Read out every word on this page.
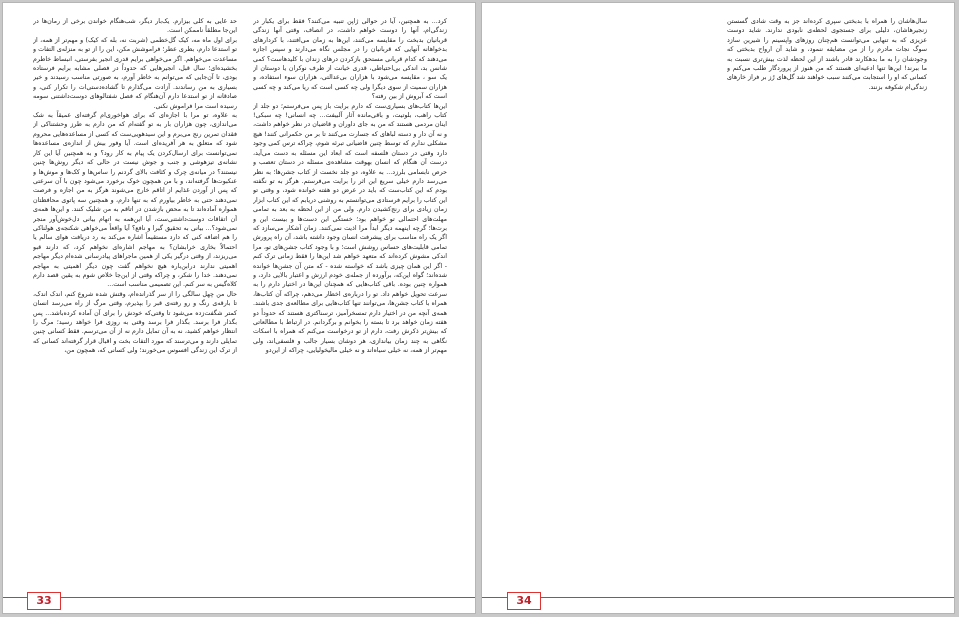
کرد... به همچنین، آیا در حوالی ژاپن تنبیه می‌کنند؟ فقط برای یکبار در زندگی‌ام، آنها را دوست خواهم داشت، در انصاف، وقتی آنها زندگی قربانیان بدبخت را مقایسه می‌کنند، این‌ها به زمان می‌افتند، با کردارهای بدخواهانه آنهایی که قربانیان را در مجلس نگاه می‌دارند و سپس اجازه می‌دهند که کدام قربانی مستحق بازکردن درهای زندان با کلیدهاست؟ کمی شانس بد، اندکی بی‌احتیاطی، قدری خیانت از طرف نوکران یا دوستان از یک سو ، مقایسه می‌شود با هزاران بی‌عدالتی، هزاران سوء استفاده، و هزاران سمیت از سوی دیگرا ولی چه کسی است که ریا می‌کند و چه کسی است که آبروش از بین رفته؟

این‌ها کتاب‌های بسیاری‌ست که دارم برایت باز پس می‌فرستم؛ دو جلد از کتاب راهب، بلوتیت، و باقی‌مانده آثار آلبیفت... چه انسانی! چه سبکی! اینان مردمی هستند که من به جای داوران و قاضیان در نظر خواهم داشت، و نه آن دار و دسته لباهای که جسارت می‌کنند تا بر من حکمرانی کنند! هیچ مشکلی ندارم که توسط چنین قاضیانی تبرئه شوم، چراکه ترس کمی وجود دارد وقتی در دستان فلسفه است که ابعاد این مسئله به دست می‌آید، درست آن هنگام که انسان بهوقت مشاهده‌ی مسئله در دستان تعصب و حرص نابسامی بلرزد... به علاوه، دو جلد نخست از کتاب جشن‌ها؛ به نظر می‌رسد دارم خیلی سریع این اثر را برایت می‌فرستم. هرگز به تو نگفته بودم که این کتاب‌ست که باید در عرض دو هفته خوانده شود، و وقتی تو این کتاب را برایم فرستادی می‌توانستم به روشنی دریابم که این کتاب ابزار زمان زیادی برای رنج‌کشیدن دارم. ولی من از این لحظه به بعد به تمامی مهلت‌های احتمالی تو خواهم بود؛ خستگی این دست‌ها و بیست این و برت‌ها؛ گرچه اینهمه دیگر ابداً مرا اذیت نمی‌کنند. زمان آشکار می‌سازد که اگر یک راه مناسب برای پیشرفت انسان وجود داشته باشد، آن راه پرورش تمامی قابلیت‌های حساس روشش است؛ و با وجود کتاب جشن‌های تو، مرا اندکی مشوش کرده‌اند که متعهد خواهم شد این‌ها را فقط زمانی ترک کنم - اگر این همان چیزی باشد که خواسته شده - که متن آن جشن‌ها خوانده شده‌اند؛ گواه این‌که، برآورده از جمله‌ی خودم ارزش و اعتبار بالایی دارد، و همواره چنین بوده. باقی کتاب‌هایی که همچنان این‌ها در اختیار دارم را به سرعت تحویل خواهم داد. تو را درباره‌ی اخطار می‌دهم، چراکه آن کتاب‌ها، همراه با کتاب جشن‌ها، می‌توانند تنها کتاب‌هایی برای مطالعه‌ی جدی باشند. همه‌ی آنچه من در اختیار دارم تمسخرآمیز، ترسناکتری هستند که حدوداً دو هفته زمان خواهد برد تا بسته را بخوانم و برگردانم. در ارتباط با مطالعاتی که بیش‌تر ذکرش رفت، دارم از تو درخواست می‌کنم که همراه با اسکات نگاهی به چند زمان بیاندازی، هر دوشان بسیار جالب و فلسفی‌اند، ولی مهم‌تر از همه، نه خیلی سیاه‌اند و نه خیلی مالیخولیایی، چراکه از این‌دو

حد غایی به کلی بیزارم. یک‌بار دیگر، شب‌هنگام خواندن برخی از رمان‌ها در این‌جا مطلقاً ناممکن است.

برای اول ماه مه، کیک گل‌خطمی (شربت نه، بله که کیک) و مهم‌تر از همه، از تو استدعا دارم، بطری عطر؛ فراموشش مکن، این را از تو به منزله‌ی التفات و مساعدت می‌خواهم. اگر می‌خواهی برایم قدری انجیر بفرستی، انبساط خاطرم بخشیده‌ای؛ سال قبل، انجیرهایی که حدوداً در فصلی مشابه برایم فرستاده بودی، تا آن‌جایی که می‌توانم به خاطر آورم، به صورتی مناسب رسیدند و خیر بسیاری به من رساندند. آزادت می‌گذارم تا گشاده‌دستی‌ات را تکرار کنی، و صادقانه از تو استدعا دارم آن‌هنگام که فصل شفتالوهای دوست‌داشتنی سومه رسیده است مرا فراموش نکنی.

به علاوه، تو مرا با اجازه‌ای که برای هواخوری‌ام گرفته‌ای عمیقاً به شک می‌اندازی، چون هزاران بار به تو گفته‌ام که من دارم به طرز وحشتناکی از فقدان تمرین رنج می‌برم و این سیدهویی‌ست که کسی از مساعده‌هایی محروم شود که متعلق به هر آفریده‌ای است. آیا وفور بیش از اندازه‌ی مساعده‌ها نمی‌توانست برای ارسال‌کردن یک پیام به کار رود؟ و به همچنین آیا این کار نشانه‌ی تیزهوشی و جنب و جوش نیست در حالی که دیگر روش‌ها چنین نیستند؟ در میانه‌ی چرک و کثافت بالای گردنم را ساس‌ها و کک‌ها و موش‌ها و عنکبوت‌ها گرفته‌اند، و با من همچون خوک برخورد می‌شود چون با آن سرعتی که پس از آوردن غذایم از اتاقم خارج می‌شوند هرگز به من اجازه و فرصت نمی‌دهند حتی به خاطر بیاورم که به تنها دارم، و همچنین سه پاتوی محافظتان همواره آماده‌اند تا به محض بازشدن در اتاقم به من شلیک کنند. و این‌ها همه‌ی آن اتفاقات دوست‌داشتنی‌ست، آیا این‌همه به اتهام بیانی دل‌خوش‌آور منجر نمی‌شود؟... بیانی به تحقیق گیرا و نافع؟ آیا واقعاً می‌خواهی شکنجه‌ی هولناکی را هم اضافه کنی که دارد مستقیماً اشاره می‌کند به رد دریافت هوای سالم یا احتمالاً بخاری خرابشان؟ به مهاجم اشاره‌ای نخواهم کرد، که دارند قبو می‌ریزند، از وقتی درگیر یکی از همین ماجراهای پیادرسانی شده‌ام دیگر مهاجم اهمیتی ندارند درابن‌باره هیچ نخواهم گفت چون دیگر اهمیتی به مهاجم نمی‌دهند. خدا را شکر، و چراکه وقتی از این‌جا خلاص شوم به یقین قصد دارم کلاه‌گیس به سر کنم. این تصمیمی مناسب است...

حال من چهل سالگی را از سر گذرانده‌ام، وقتش شده شروع کنم، اندک اندک، تا بارقه‌ی رنگ و رو رفته‌ی قبر را بپذیرم، وقتی مرگ از راه می‌رسد انسان کمتر شگفت‌زده می‌شود تا وقتی‌که خودش را برای آن آماده کرده‌باشد... پس بگذار فرا برسد. بگذار فرا برسد وقتی به روزی فرا خواهد رسید؛ مرگ را انتظار خواهم کشید، نه به آن تمایل دارم نه از آن می‌ترسم. فقط کسانی چنین تمایلی دارند و می‌ترسند که مورد التفات بخت و اقبال قرار گرفته‌اند کسانی که از ترک این زندگی افسوس می‌خورند؛ ولی کسانی که، همچون من،

33

سال‌هاشان را همراه با بدبختی سپری کرده‌اند جز به وقت شادی گسستن زنجیرهاشان، دلیلی برای جستجوی لحظه‌ی نابودی ندارند. شاید دوست عزیزی که به تنهایی می‌توانست هم‌چنان روزهای واپسینم را شیرین سازد سوگ نجات مادرم را از من مضایقه ننمود، و شاید آن ارواح بدبختی که وجودشان را به ما بدهکارند قادر باشند از این لحظه لذت بیش‌تری نسبت به ما ببرند! این‌ها تنها ادعیه‌ای هستند که من هنوز از پروردگار طلب می‌کنم و کسانی که او را استجابت می‌کنند سبب خواهند شد گل‌های رُز بر فراز خارهای زندگی‌ام شکوفه بزنند.

34
